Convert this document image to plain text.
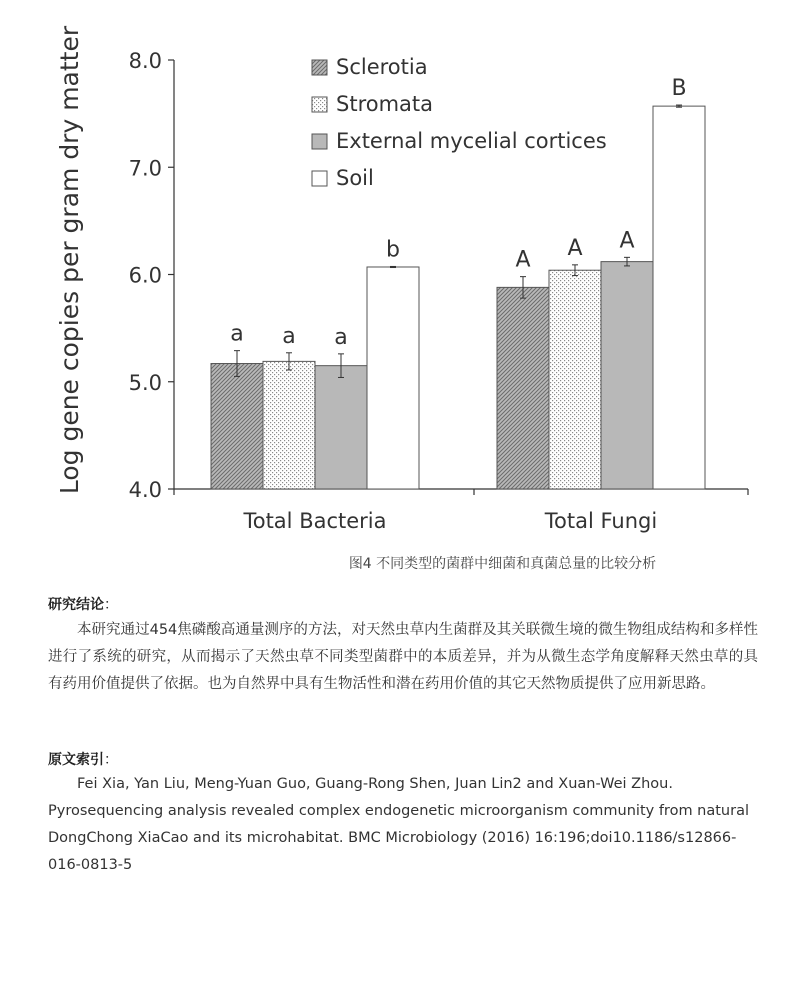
4.0
5.0
6.0
7.0
8.0
Log gene copies per gram dry matter	a a a
b
Total Bacteria
A A A
B
Total Fungi
Sclerotia
Stromata
External mycelial cortices
Soil
图4 不同类型的菌群中细菌和真菌总量的比较分析
研究结论：
本研究通过454焦磷酸高通量测序的方法，对天然虫草内生菌群及其关联微生境的微生物组成结构和多样性进行了系统的研究，从而揭示了天然虫草不同类型菌群中的本质差异，并为从微生态学角度解释天然虫草的具有药用价值提供了依据。也为自然界中具有生物活性和潜在药用价值的其它天然物质提供了应用新思路。
原文索引：
Fei Xia, Yan Liu, Meng-Yuan Guo, Guang-Rong Shen, Juan Lin2 and Xuan-Wei Zhou. Pyrosequencing analysis revealed complex endogenetic microorganism community from natural DongChong XiaCao and its microhabitat. BMC Microbiology (2016) 16:196;doi10.1186/s12866-016-0813-5
